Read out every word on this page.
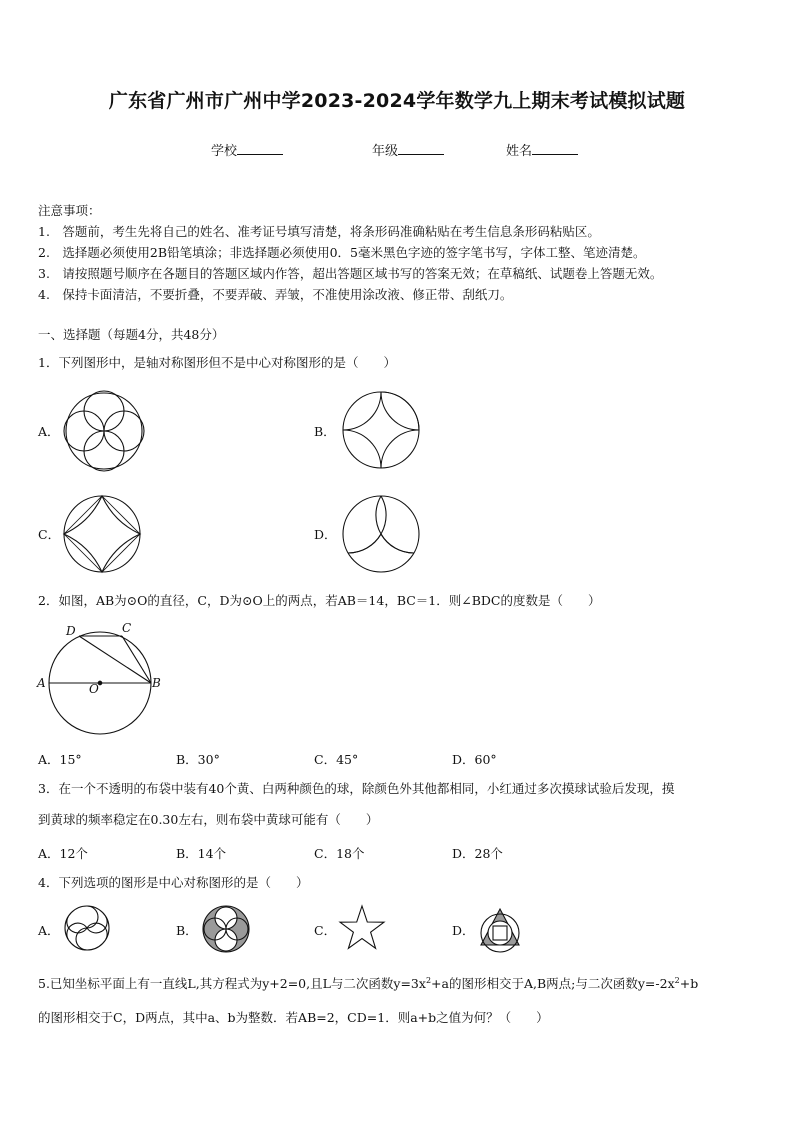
广东省广州市广州中学2023-2024学年数学九上期末考试模拟试题
学校	年级	姓名
注意事项：
1.　答题前，考生先将自己的姓名、准考证号填写清楚，将条形码准确粘贴在考生信息条形码粘贴区。
2.　选择题必须使用2B铅笔填涂；非选择题必须使用0．5毫米黑色字迹的签字笔书写，字体工整、笔迹清楚。
3.　请按照题号顺序在各题目的答题区域内作答，超出答题区域书写的答案无效；在草稿纸、试题卷上答题无效。
4.　保持卡面清洁，不要折叠，不要弄破、弄皱，不准使用涂改液、修正带、刮纸刀。
一、选择题（每题4分，共48分）
1．下列图形中，是轴对称图形但不是中心对称图形的是（　　）
A．	B．
C．	D．
2．如图，AB为⊙O的直径，C，D为⊙O上的两点，若AB＝14，BC＝1．则∠BDC的度数是（　　）
D	C
A	B
O
A．15°	B．30°	C．45°	D．60°
3．在一个不透明的布袋中装有40个黄、白两种颜色的球，除颜色外其他都相同，小红通过多次摸球试验后发现，摸
到黄球的频率稳定在0.30左右，则布袋中黄球可能有（　　）
A．12个	B．14个	C．18个	D．28个
4．下列选项的图形是中心对称图形的是（　　）
A．	B．	C．	D．
5.已知坐标平面上有一直线L,其方程式为y+2=0,且L与二次函数$y=3x^2+a$的图形相交于A,B两点;与二次函数$y=-2x^2+b$
的图形相交于C，D两点，其中a、b为整数．若AB=2，CD=1．则a+b之值为何？（　　）
